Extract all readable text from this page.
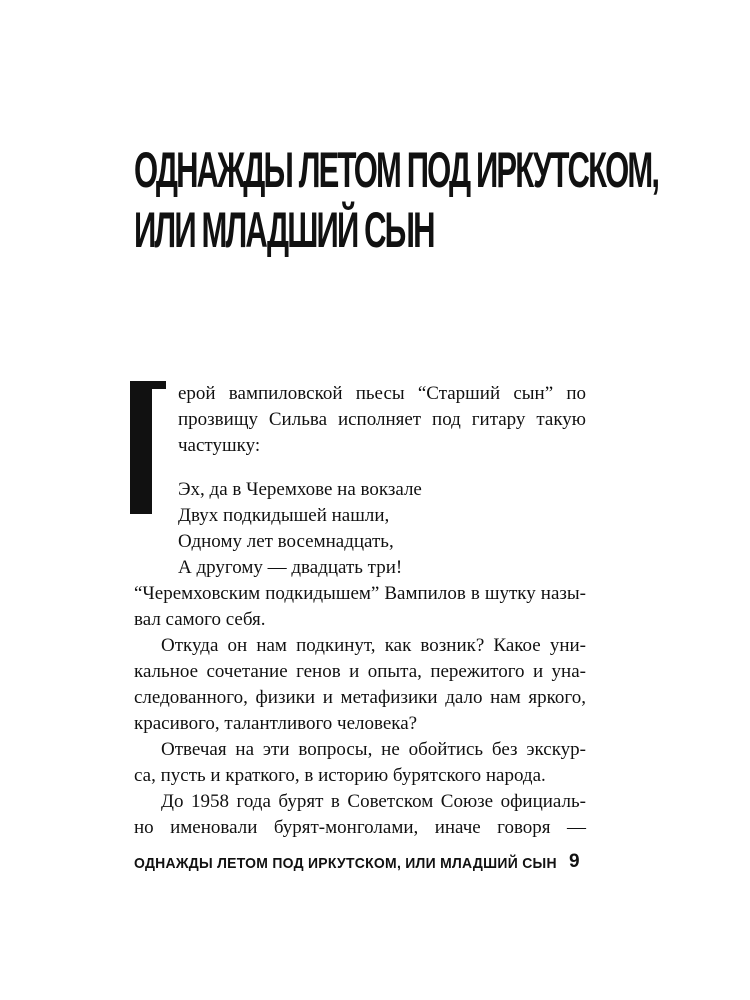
ОДНАЖДЫ ЛЕТОМ ПОД ИРКУТСКОМ,
ИЛИ МЛАДШИЙ СЫН
ерой вампиловской пьесы “Старший сын” по
прозвищу Сильва исполняет под гитару такую
частушку:
Эх, да в Черемхове на вокзале
Двух подкидышей нашли,
Одному лет восемнадцать,
А другому — двадцать три!
“Черемховским подкидышем” Вампилов в шутку назы-
вал самого себя.
Откуда он нам подкинут, как возник? Какое уни-
кальное сочетание генов и опыта, пережитого и уна-
следованного, физики и метафизики дало нам яркого,
красивого, талантливого человека?
Отвечая на эти вопросы, не обойтись без экскур-
са, пусть и краткого, в историю бурятского народа.
До 1958 года бурят в Советском Союзе официаль-
но именовали бурят-монголами, иначе говоря —
ОДНАЖДЫ ЛЕТОМ ПОД ИРКУТСКОМ, ИЛИ МЛАДШИЙ СЫН 9
